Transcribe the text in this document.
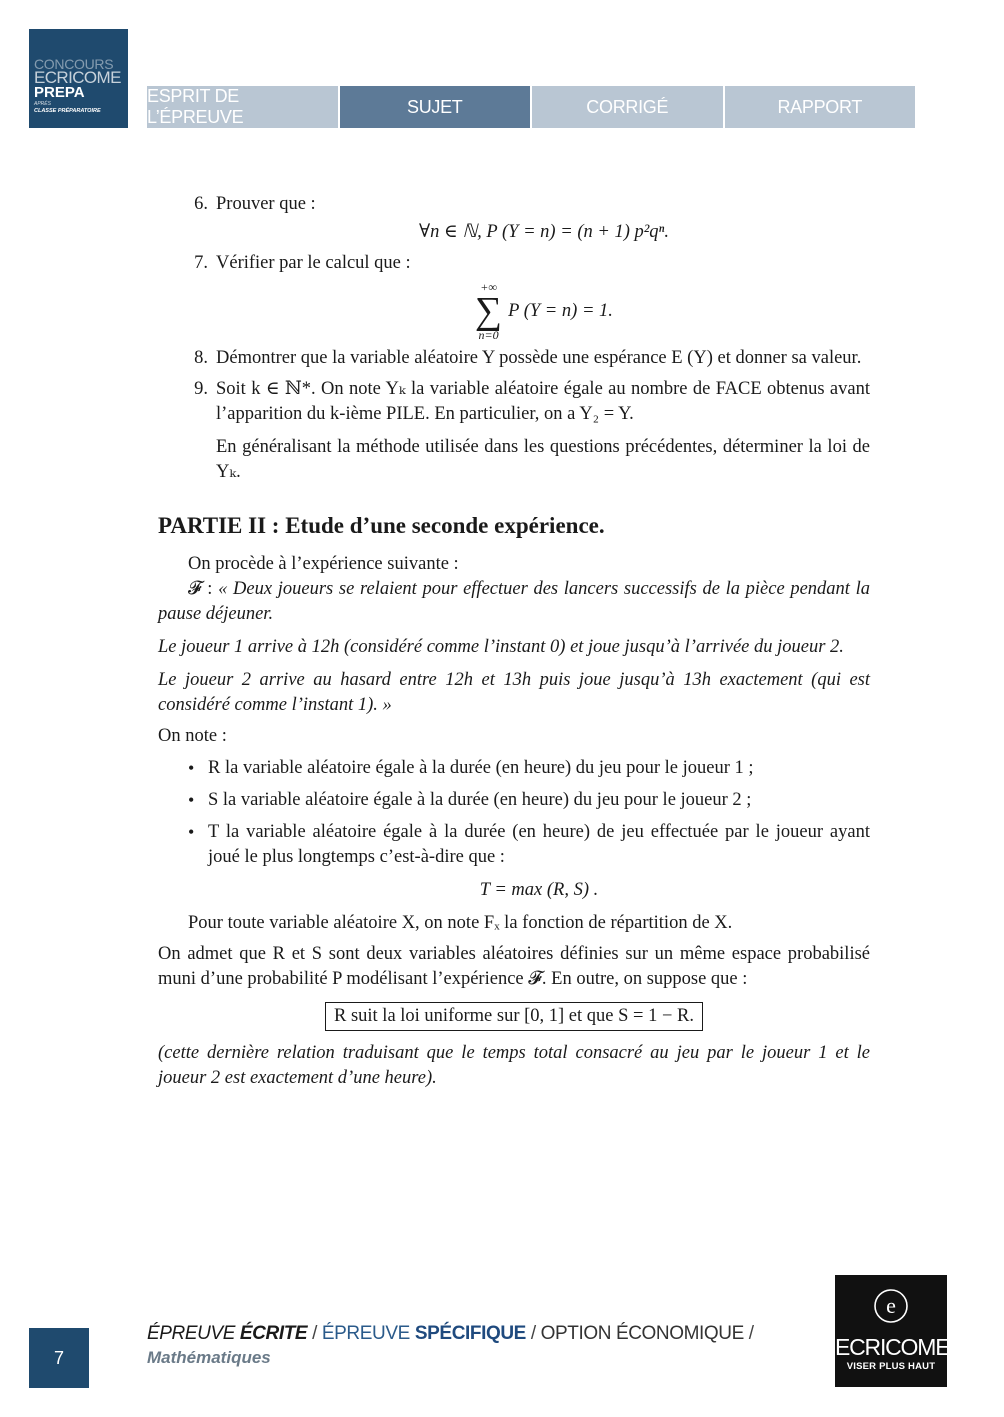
CONCOURS
ECRICOME
PREPA
APRÈS
CLASSE PRÉPARATOIRE
ESPRIT DE L’ÉPREUVE
SUJET	CORRIGÉ	RAPPORT
6. Prouver que :
∀n ∈ ℕ, P (Y = n) = (n + 1) p²qⁿ.
7. Vérifier par le calcul que :
+∞
∑
n=0
P (Y = n) = 1.
8. Démontrer que la variable aléatoire Y possède une espérance E (Y) et donner sa valeur.
9. Soit k ∈ ℕ*. On note Yₖ la variable aléatoire égale au nombre de FACE obtenus avant l’apparition du k-ième PILE. En particulier, on a Y₂ = Y.
En généralisant la méthode utilisée dans les questions précédentes, déterminer la loi de Yₖ.
PARTIE II : Etude d’une seconde expérience.
On procède à l’expérience suivante :
𝓕 : « Deux joueurs se relaient pour effectuer des lancers successifs de la pièce pendant la pause déjeuner.
Le joueur 1 arrive à 12h (considéré comme l’instant 0) et joue jusqu’à l’arrivée du joueur 2.
Le joueur 2 arrive au hasard entre 12h et 13h puis joue jusqu’à 13h exactement (qui est considéré comme l’instant 1). »
On note :
• R la variable aléatoire égale à la durée (en heure) du jeu pour le joueur 1 ;
• S la variable aléatoire égale à la durée (en heure) du jeu pour le joueur 2 ;
• T la variable aléatoire égale à la durée (en heure) de jeu effectuée par le joueur ayant joué le plus longtemps c’est-à-dire que :
T = max (R, S) .
Pour toute variable aléatoire X, on note Fₓ la fonction de répartition de X.
On admet que R et S sont deux variables aléatoires définies sur un même espace probabilisé muni d’une probabilité P modélisant l’expérience 𝓕. En outre, on suppose que :
R suit la loi uniforme sur [0, 1] et que S = 1 − R.
(cette dernière relation traduisant que le temps total consacré au jeu par le joueur 1 et le joueur 2 est exactement d’une heure).
7
ÉPREUVE ÉCRITE / ÉPREUVE SPÉCIFIQUE / OPTION ÉCONOMIQUE /
Mathématiques
e
ECRICOME
VISER PLUS HAUT
